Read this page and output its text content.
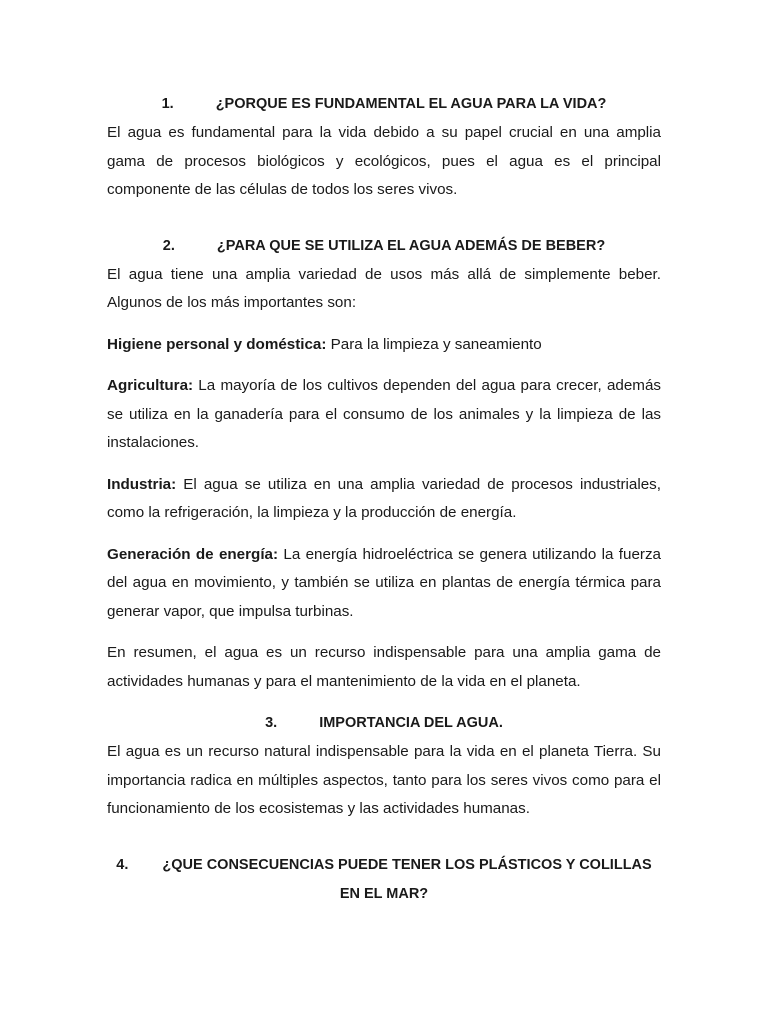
1.	¿PORQUE ES FUNDAMENTAL EL AGUA PARA LA VIDA?

El agua es fundamental para la vida debido a su papel crucial en una amplia gama de procesos biológicos y ecológicos, pues el agua es el principal componente de las células de todos los seres vivos.

2.	¿PARA QUE SE UTILIZA EL AGUA ADEMÁS DE BEBER?

El agua tiene una amplia variedad de usos más allá de simplemente beber. Algunos de los más importantes son:

Higiene personal y doméstica: Para la limpieza y saneamiento

Agricultura: La mayoría de los cultivos dependen del agua para crecer, además se utiliza en la ganadería para el consumo de los animales y la limpieza de las instalaciones.

Industria: El agua se utiliza en una amplia variedad de procesos industriales, como la refrigeración, la limpieza y la producción de energía.

Generación de energía: La energía hidroeléctrica se genera utilizando la fuerza del agua en movimiento, y también se utiliza en plantas de energía térmica para generar vapor, que impulsa turbinas.

En resumen, el agua es un recurso indispensable para una amplia gama de actividades humanas y para el mantenimiento de la vida en el planeta.

3.	IMPORTANCIA DEL AGUA.

El agua es un recurso natural indispensable para la vida en el planeta Tierra. Su importancia radica en múltiples aspectos, tanto para los seres vivos como para el funcionamiento de los ecosistemas y las actividades humanas.

4. ¿QUE CONSECUENCIAS PUEDE TENER LOS PLÁSTICOS Y COLILLAS EN EL MAR?
